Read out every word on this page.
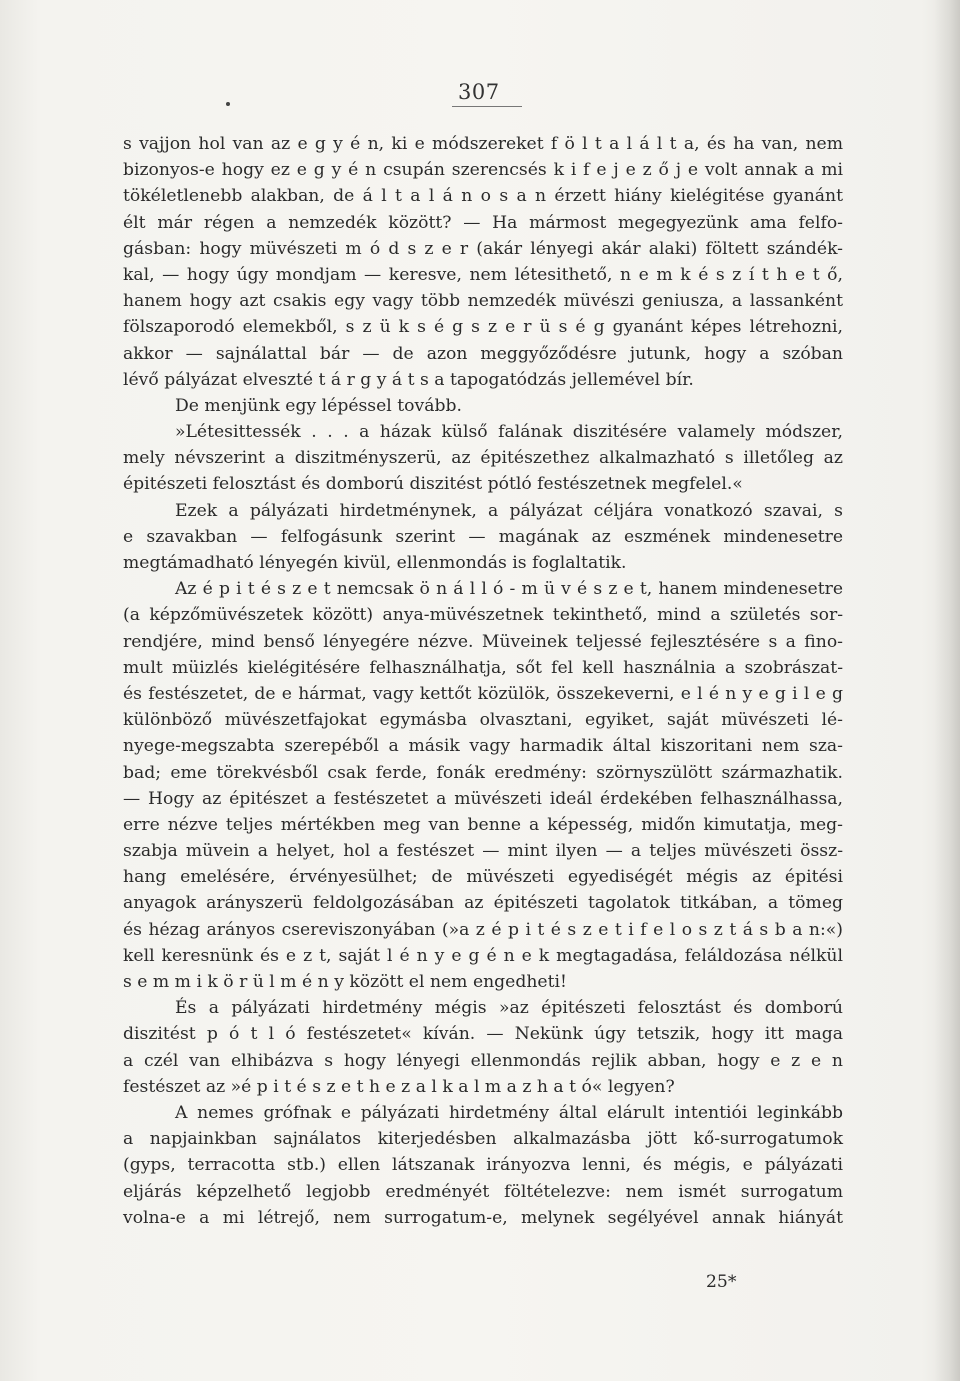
307
s vajjon hol van az e g y é n, ki e módszereket f ö l t a l á l t a, és ha van, nem
bizonyos-e hogy ez e g y é n csupán szerencsés k i f e j e z ő j e volt annak a mi
tökéletlenebb alakban, de á l t a l á n o s a n érzett hiány kielégitése gyanánt
élt már régen a nemzedék között? — Ha mármost megegyezünk ama felfo-
gásban: hogy müvészeti m ó d s z e r (akár lényegi akár alaki) föltett szándék-
kal, — hogy úgy mondjam — keresve, nem létesithető, n e m k é s z í t h e t ő,
hanem hogy azt csakis egy vagy több nemzedék müvészi geniusza, a lassanként
fölszaporodó elemekből, s z ü k s é g s z e r ü s é g gyanánt képes létrehozni,
akkor — sajnálattal bár — de azon meggyőződésre jutunk, hogy a szóban
lévő pályázat elveszté t á r g y á t s a tapogatódzás jellemével bír.
De menjünk egy lépéssel tovább.
»Létesittessék . . . a házak külső falának diszitésére valamely módszer,
mely névszerint a diszitményszerü, az épitészethez alkalmazható s illetőleg az
épitészeti felosztást és domború diszitést pótló festészetnek megfelel.«
Ezek a pályázati hirdetménynek, a pályázat céljára vonatkozó szavai, s
e szavakban — felfogásunk szerint — magának az eszmének mindenesetre
megtámadható lényegén kivül, ellenmondás is foglaltatik.
Az é p i t é s z e t nemcsak ö n á l l ó - m ü v é s z e t, hanem mindenesetre
(a képzőmüvészetek között) anya-müvészetnek tekinthető, mind a születés sor-
rendjére, mind benső lényegére nézve. Müveinek teljessé fejlesztésére s a fino-
mult müizlés kielégitésére felhasználhatja, sőt fel kell használnia a szobrászat-
és festészetet, de e hármat, vagy kettőt közülök, összekeverni, e l é n y e g i l e g
különböző müvészetfajokat egymásba olvasztani, egyiket, saját müvészeti lé-
nyege-megszabta szerepéből a másik vagy harmadik által kiszoritani nem sza-
bad; eme törekvésből csak ferde, fonák eredmény: szörnyszülött származhatik.
— Hogy az épitészet a festészetet a müvészeti ideál érdekében felhasználhassa,
erre nézve teljes mértékben meg van benne a képesség, midőn kimutatja, meg-
szabja müvein a helyet, hol a festészet — mint ilyen — a teljes müvészeti össz-
hang emelésére, érvényesülhet; de müvészeti egyediségét mégis az épitési
anyagok arányszerü feldolgozásában az épitészeti tagolatok titkában, a tömeg
és hézag arányos csereviszonyában (»a z é p i t é s z e t i f e l o s z t á s b a n:«)
kell keresnünk és e z t, saját l é n y e g é n e k megtagadása, feláldozása nélkül
s e m m i k ö r ü l m é n y között el nem engedheti!
És a pályázati hirdetmény mégis »az épitészeti felosztást és domború
diszitést p ó t l ó festészetet« kíván. — Nekünk úgy tetszik, hogy itt maga
a czél van elhibázva s hogy lényegi ellenmondás rejlik abban, hogy e z e n
festészet az »é p i t é s z e t h e z a l k a l m a z h a t ó« legyen?
A nemes grófnak e pályázati hirdetmény által elárult intentiói leginkább
a napjainkban sajnálatos kiterjedésben alkalmazásba jött kő-surrogatumok
(gyps, terracotta stb.) ellen látszanak irányozva lenni, és mégis, e pályázati
eljárás képzelhető legjobb eredményét föltételezve: nem ismét surrogatum
volna-e a mi létrejő, nem surrogatum-e, melynek segélyével annak hiányát
25*
